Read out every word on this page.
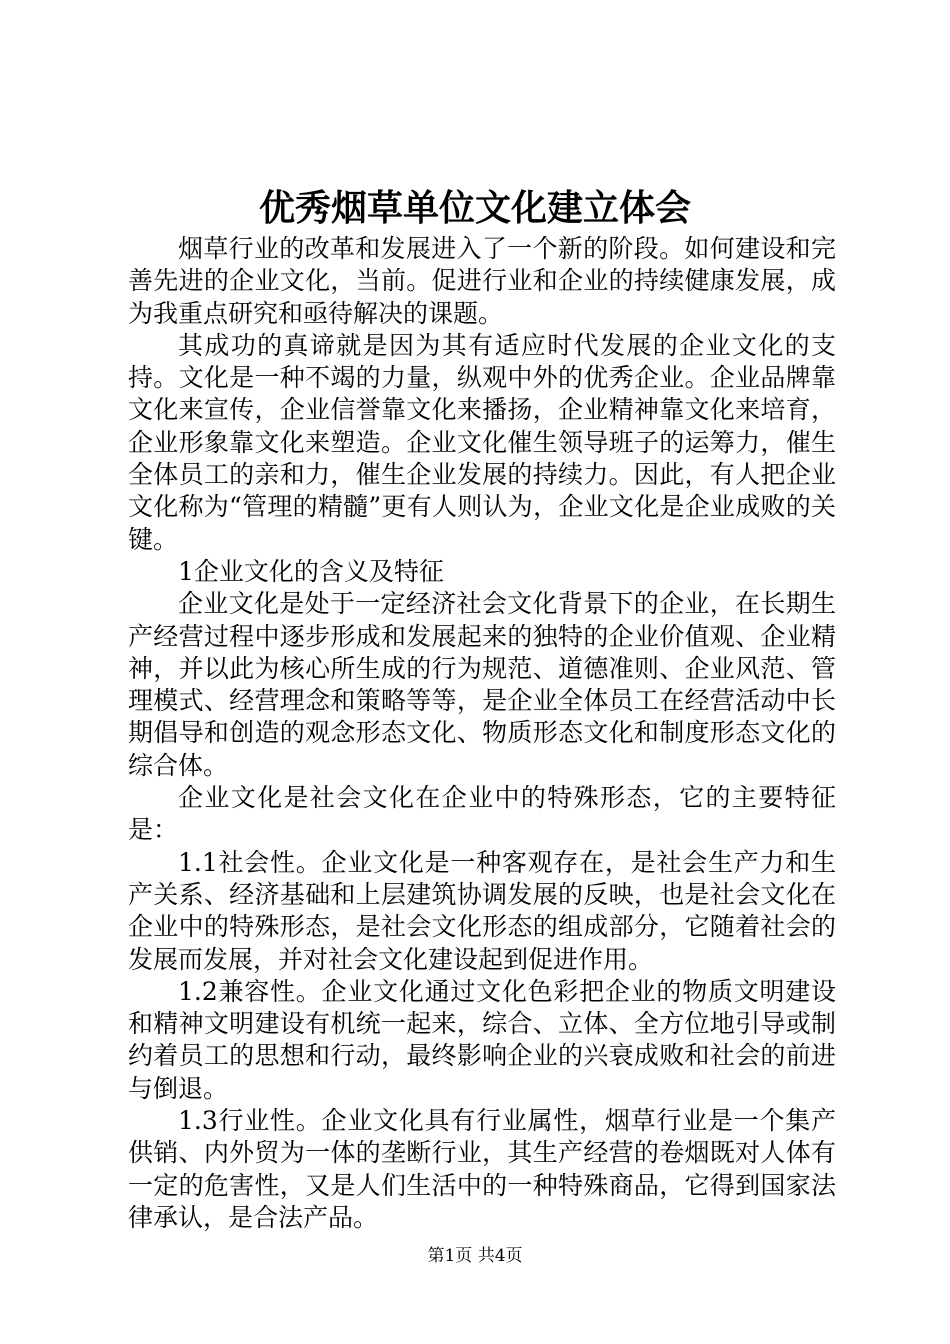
优秀烟草单位文化建立体会

烟草行业的改革和发展进入了一个新的阶段。如何建设和完善先进的企业文化，当前。促进行业和企业的持续健康发展，成为我重点研究和亟待解决的课题。

其成功的真谛就是因为其有适应时代发展的企业文化的支持。文化是一种不竭的力量，纵观中外的优秀企业。企业品牌靠文化来宣传，企业信誉靠文化来播扬，企业精神靠文化来培育，企业形象靠文化来塑造。企业文化催生领导班子的运筹力，催生全体员工的亲和力，催生企业发展的持续力。因此，有人把企业文化称为“管理的精髓”更有人则认为，企业文化是企业成败的关键。

1企业文化的含义及特征

企业文化是处于一定经济社会文化背景下的企业，在长期生产经营过程中逐步形成和发展起来的独特的企业价值观、企业精神，并以此为核心所生成的行为规范、道德准则、企业风范、管理模式、经营理念和策略等等，是企业全体员工在经营活动中长期倡导和创造的观念形态文化、物质形态文化和制度形态文化的综合体。

企业文化是社会文化在企业中的特殊形态，它的主要特征是：

1.1社会性。企业文化是一种客观存在，是社会生产力和生产关系、经济基础和上层建筑协调发展的反映，也是社会文化在企业中的特殊形态，是社会文化形态的组成部分，它随着社会的发展而发展，并对社会文化建设起到促进作用。

1.2兼容性。企业文化通过文化色彩把企业的物质文明建设和精神文明建设有机统一起来，综合、立体、全方位地引导或制约着员工的思想和行动，最终影响企业的兴衰成败和社会的前进与倒退。

1.3行业性。企业文化具有行业属性，烟草行业是一个集产供销、内外贸为一体的垄断行业，其生产经营的卷烟既对人体有一定的危害性，又是人们生活中的一种特殊商品，它得到国家法律承认，是合法产品。

第1页 共4页
